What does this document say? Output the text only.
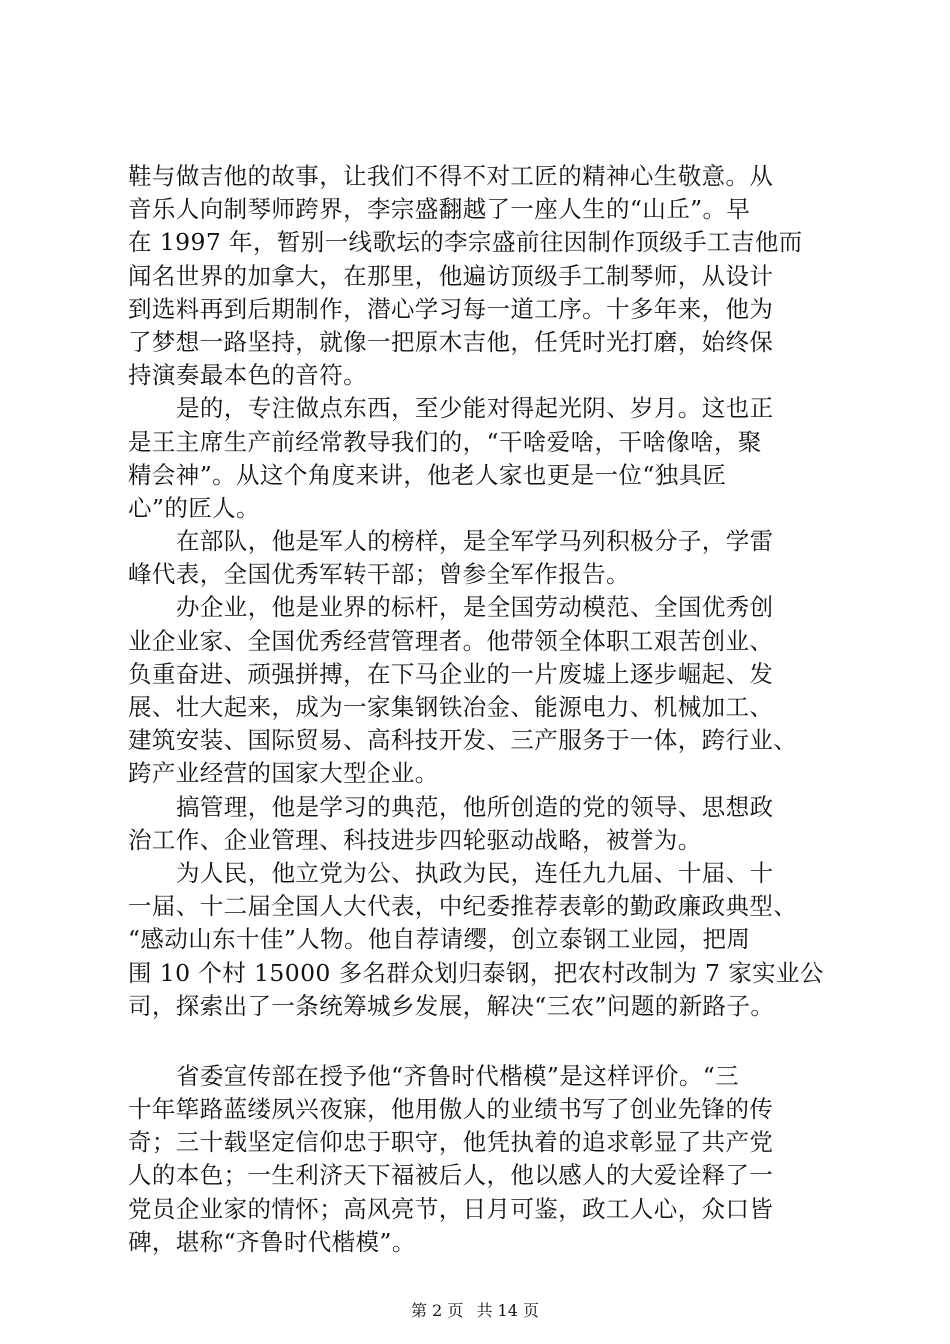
鞋与做吉他的故事，让我们不得不对工匠的精神心生敬意。从
音乐人向制琴师跨界，李宗盛翻越了一座人生的“山丘”。早
在 1997 年，暂别一线歌坛的李宗盛前往因制作顶级手工吉他而
闻名世界的加拿大，在那里，他遍访顶级手工制琴师，从设计
到选料再到后期制作，潜心学习每一道工序。十多年来，他为
了梦想一路坚持，就像一把原木吉他，任凭时光打磨，始终保
持演奏最本色的音符。
是的，专注做点东西，至少能对得起光阴、岁月。这也正
是王主席生产前经常教导我们的，“干啥爱啥，干啥像啥，聚
精会神”。从这个角度来讲，他老人家也更是一位“独具匠
心”的匠人。
在部队，他是军人的榜样，是全军学马列积极分子，学雷
峰代表，全国优秀军转干部；曾参全军作报告。
办企业，他是业界的标杆，是全国劳动模范、全国优秀创
业企业家、全国优秀经营管理者。他带领全体职工艰苦创业、
负重奋进、顽强拼搏，在下马企业的一片废墟上逐步崛起、发
展、壮大起来，成为一家集钢铁冶金、能源电力、机械加工、
建筑安装、国际贸易、高科技开发、三产服务于一体，跨行业、
跨产业经营的国家大型企业。
搞管理，他是学习的典范，他所创造的党的领导、思想政
治工作、企业管理、科技进步四轮驱动战略，被誉为。
为人民，他立党为公、执政为民，连任九九届、十届、十
一届、十二届全国人大代表，中纪委推荐表彰的勤政廉政典型、
“感动山东十佳”人物。他自荐请缨，创立泰钢工业园，把周
围 10 个村 15000 多名群众划归泰钢，把农村改制为 7 家实业公
司，探索出了一条统筹城乡发展，解决“三农”问题的新路子。
省委宣传部在授予他“齐鲁时代楷模”是这样评价。“三
十年筚路蓝缕夙兴夜寐，他用傲人的业绩书写了创业先锋的传
奇；三十载坚定信仰忠于职守，他凭执着的追求彰显了共产党
人的本色；一生利济天下福被后人，他以感人的大爱诠释了一
党员企业家的情怀；高风亮节，日月可鉴，政工人心，众口皆
碑，堪称“齐鲁时代楷模”。
第 2 页 共 14 页
